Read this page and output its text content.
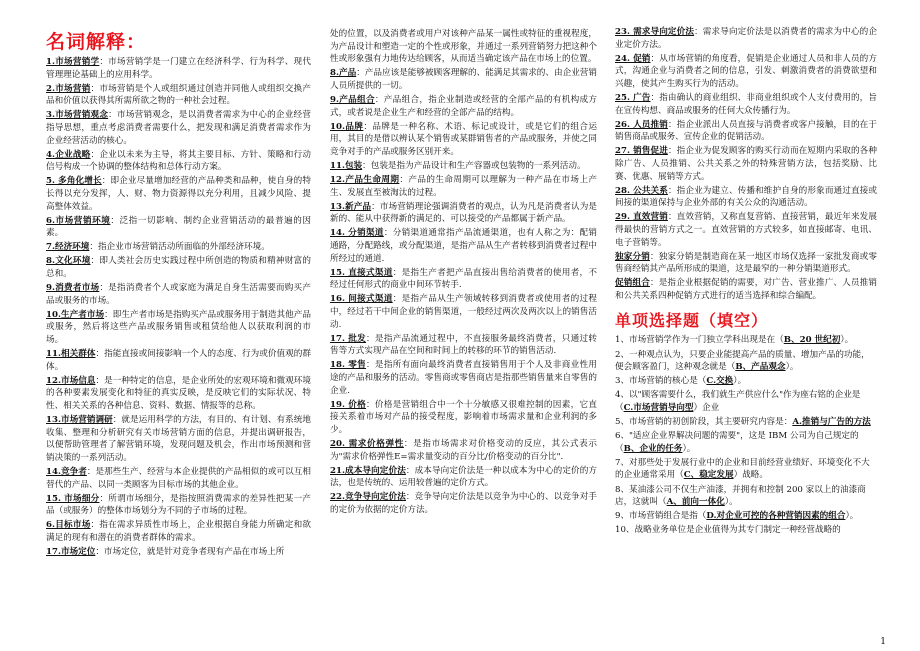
名词解释：
1.市场营销学：市场营销学是一门建立在经济科学、行为科学、现代管理理论基础上的应用科学。
2.市场营销：市场营销是个人或组织通过创造并同他人或组织交换产品和价值以获得其所需所欲之物的一种社会过程。
3.市场营销观念：市场营销观念，是以消费者需求为中心的企业经营指导思想，重点考虑消费者需要什么，把发现和满足消费者需求作为企业经营活动的核心。
4.企业战略：企业以未来为主导，将其主要目标、方针、策略和行动信号构成一个协调的整体结构和总体行动方案。
5. 多角化增长：即企业尽量增加经营的产品种类和品种，使自身的特长得以充分发挥，人、财、物力资源得以充分利用，且减少风险、提高整体效益。
6.市场营销环境：泛指一切影响、制约企业营销活动的最普遍的因素。
7.经济环境：指企业市场营销活动所面临的外部经济环境。
8.文化环境：即人类社会历史实践过程中所创造的物质和精神财富的总和。
9.消费者市场：是指消费者个人或家庭为满足自身生活需要而购买产品或服务的市场。
10.生产者市场：即生产者市场是指购买产品或服务用于制造其他产品或服务，然后将这些产品或服务销售或租赁给他人以获取利润的市场。
11.相关群体：指能直接或间接影响一个人的态度、行为或价值观的群体。
12.市场信息：是一种特定的信息，是企业所处的宏观环境和微观环境的各种要素发展变化和特征的真实反映，是反映它们的实际状况、特性、相关关系的各种信息、资料、数据、情报等的总称。
13.市场营销调研：就是运用科学的方法，有目的、有计划、有系统地收集、整理和分析研究有关市场营销方面的信息，并提出调研报告，以便帮助管理者了解营销环境，发现问题及机会，作出市场预测和营销决策的一系列活动。
14.竞争者：是那些生产、经营与本企业提供的产品相似的或可以互相替代的产品、以同一类顾客为目标市场的其他企业。
15. 市场细分：所谓市场细分，是指按照消费需求的差异性把某一产品（或服务）的整体市场划分为不同的子市场的过程。
6.目标市场：指在需求异质性市场上，企业根据自身能力所确定和欲满足的现有和潜在的消费者群体的需求。
17.市场定位：市场定位，就是针对竞争者现有产品在市场上所
处的位置，以及消费者或用户对该种产品某一属性或特征的重视程度，为产品设计和塑造一定的个性或形象，并通过一系列营销努力把这种个性或形象强有力地传达给顾客，从而适当确定该产品在市场上的位置。
8.产品：产品应该是能够被顾客理解的、能满足其需求的、由企业营销人员所提供的一切。
9.产品组合：产品组合，指企业制造或经营的全部产品的有机构成方式，或者说是企业生产和经营的全部产品的结构。
10.品牌：品牌是一种名称、术语、标记或设计，或是它们的组合运用，其目的是借以辨认某个销售或某群销售者的产品或服务，并使之同竞争对手的产品或服务区别开来。
11.包装：包装是指为产品设计和生产容器或包装物的一系列活动。
12.产品生命周期：产品的生命周期可以理解为一种产品在市场上产生、发展直至被淘汰的过程。
13.新产品：市场营销理论强调消费者的观点，认为凡是消费者认为是新的、能从中获得新的满足的、可以接受的产品都属于新产品。
14. 分销渠道：分销渠道通常指产品流通渠道，也有人称之为：配销通路，分配路线，或分配渠道，是指产品从生产者转移到消费者过程中所经过的通道.
15. 直接式渠道：是指生产者把产品直接出售给消费者的使用者，不经过任何形式的商业中间环节转手.
16. 间接式渠道：是指产品从生产领域转移到消费者或使用者的过程中，经过若干中间企业的销售渠道，一般经过两次及两次以上的销售活动.
17. 批发：是指产品流通过程中，不直接服务最终消费者，只通过转售等方式实现产品在空间和时间上的转移的环节的销售活动.
18. 零售：是指所有面向最终消费者直接销售用于个人及非商业性用途的产品和服务的活动。零售商或零售商店是指那些销售量来自零售的企业.
19. 价格：价格是营销组合中一个十分敏感又很难控制的因素，它直接关系着市场对产品的接受程度，影响着市场需求量和企业利润的多少。
20. 需求价格弹性：是指市场需求对价格变动的反应，其公式表示为"需求价格弹性E=需求量变动的百分比/价格变动的百分比".
21.成本导向定价法：成本导向定价法是一种以成本为中心的定价的方法，也是传统的、运用较普遍的定价方式。
22.竞争导向定价法：竞争导向定价法是以竞争为中心的、以竞争对手的定价为依据的定价方法。
23. 需求导向定价法：需求导向定价法是以消费者的需求为中心的企业定价方法。
24. 促销：从市场营销的角度看，促销是企业通过人员和非人员的方式，沟通企业与消费者之间的信息，引发、刺激消费者的消费欲望和兴趣，使其产生购买行为的活动。
25. 广告：指由确认的商业组织、非商业组织或个人支付费用的，旨在宣传构想、商品或服务的任何大众传播行为。
26. 人员推销：指企业派出人员直接与消费者或客户接触，目的在于销售商品或服务、宣传企业的促销活动。
27. 销售促进：指企业为促发顾客的购买行动而在短期内采取的各种除广告、人员推销、公共关系之外的特殊营销方法，包括奖励、比赛、优惠、展销等方式。
28. 公共关系：指企业为建立、传播和维护自身的形象而通过直接或间接的渠道保持与企业外部的有关公众的沟通活动。
29. 直效营销：直效营销，又称直复营销、直接营销，最近年来发展得最快的营销方式之一。直效营销的方式较多，如直接邮寄、电讯、电子营销等。
独家分销：独家分销是制造商在某一地区市场仅选择一家批发商或零售商经销其产品所形成的渠道，这是最窄的一种分销渠道形式。
促销组合：是指企业根据促销的需要，对广告、营业推广、人员推销和公共关系四种促销方式进行的适当选择和综合编配。
单项选择题（填空）
1、市场营销学作为一门独立学科出现是在（B、20 世纪初）。
2、一种观点认为，只要企业能提高产品的质量、增加产品的功能，便会顾客盈门，这种观念就是（B、产品观念）。
3、市场营销的核心是（C.交换）。
4、以"顾客需要什么，我们就生产供应什么"作为座右铭的企业是（C.市场营销导向型）企业
5、市场营销的初创阶段，其主要研究内容是：A.推销与广告的方法
6、"适应企业界解决问题的需要"，这是 IBM 公司为自己规定的（B、企业的任务）。
7、对那些处于发展行业中的企业和目前经营业绩好、环境变化不大的企业通常采用（C、稳定发展）战略。
8、某油漆公司不仅生产油漆，并拥有和控制 200 家以上的油漆商店，这就叫（A、前向一体化）。
9、市场营销组合是指（D.对企业可控的各种营销因素的组合）。
10、战略业务单位是企业值得为其专门制定一种经营战略的
1
